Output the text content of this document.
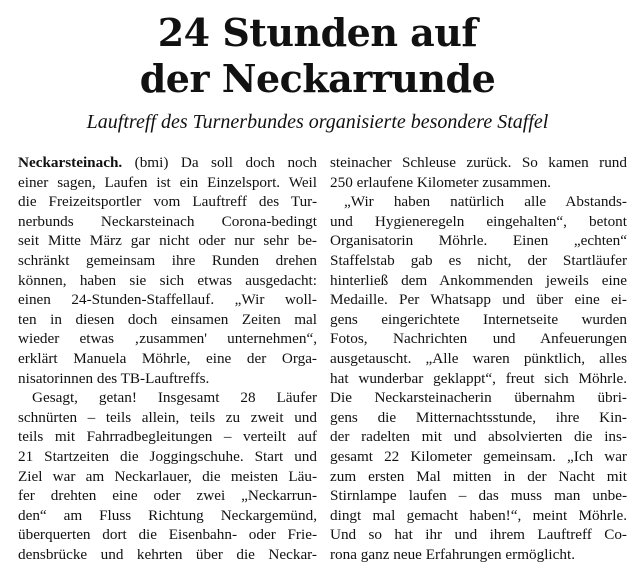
24 Stunden auf
der Neckarrunde

Lauftreff des Turnerbundes organisierte besondere Staffel

Neckarsteinach. (bmi) Da soll doch noch
einer sagen, Laufen ist ein Einzelsport. Weil
die Freizeitsportler vom Lauftreff des Tur-
nerbunds Neckarsteinach Corona-bedingt
seit Mitte März gar nicht oder nur sehr be-
schränkt gemeinsam ihre Runden drehen
können, haben sie sich etwas ausgedacht:
einen 24-Stunden-Staffellauf. „Wir woll-
ten in diesen doch einsamen Zeiten mal
wieder etwas ‚zusammen' unternehmen“,
erklärt Manuela Möhrle, eine der Orga-
nisatorinnen des TB-Lauftreffs.
Gesagt, getan! Insgesamt 28 Läufer
schnürten – teils allein, teils zu zweit und
teils mit Fahrradbegleitungen – verteilt auf
21 Startzeiten die Joggingschuhe. Start und
Ziel war am Neckarlauer, die meisten Läu-
fer drehten eine oder zwei „Neckarrun-
den“ am Fluss Richtung Neckargemünd,
überquerten dort die Eisenbahn- oder Frie-
densbrücke und kehrten über die Neckar-
steinacher Schleuse zurück. So kamen rund
250 erlaufene Kilometer zusammen.
„Wir haben natürlich alle Abstands-
und Hygieneregeln eingehalten“, betont
Organisatorin Möhrle. Einen „echten“
Staffelstab gab es nicht, der Startläufer
hinterließ dem Ankommenden jeweils eine
Medaille. Per Whatsapp und über eine ei-
gens eingerichtete Internetseite wurden
Fotos, Nachrichten und Anfeuerungen
ausgetauscht. „Alle waren pünktlich, alles
hat wunderbar geklappt“, freut sich Möhrle.
Die Neckarsteinacherin übernahm übri-
gens die Mitternachtsstunde, ihre Kin-
der radelten mit und absolvierten die ins-
gesamt 22 Kilometer gemeinsam. „Ich war
zum ersten Mal mitten in der Nacht mit
Stirnlampe laufen – das muss man unbe-
dingt mal gemacht haben!“, meint Möhrle.
Und so hat ihr und ihrem Lauftreff Co-
rona ganz neue Erfahrungen ermöglicht.
